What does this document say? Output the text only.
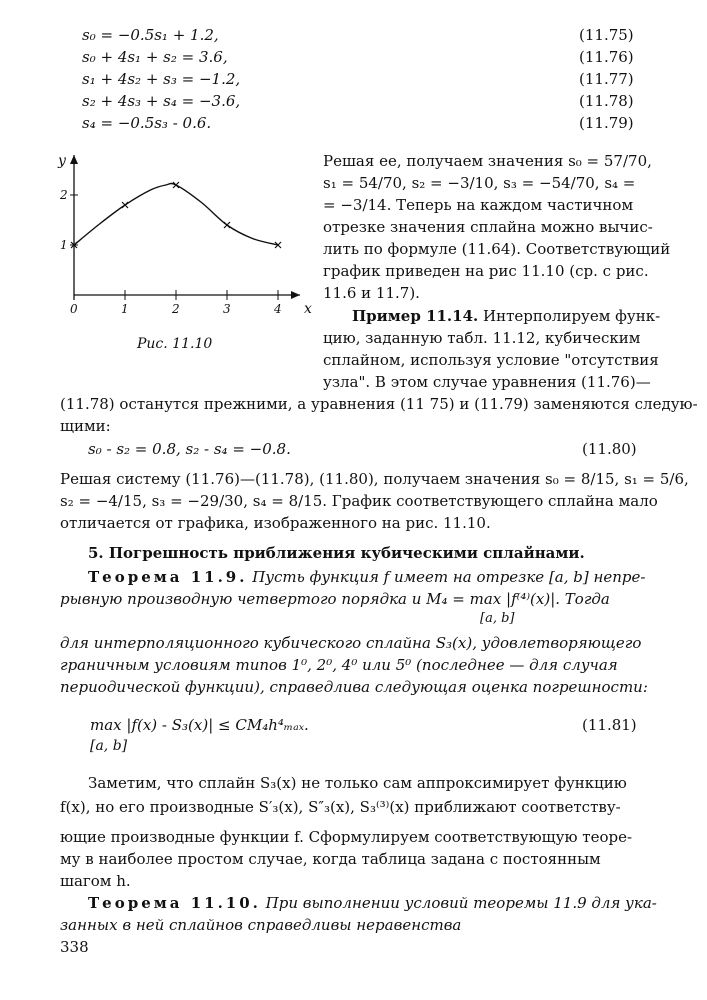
s₀ = −0.5s₁ + 1.2,	(11.75)
s₀ + 4s₁ + s₂ = 3.6,	(11.76)
s₁ + 4s₂ + s₃ = −1.2,	(11.77)
s₂ + 4s₃ + s₄ = −3.6,	(11.78)
s₄ = −0.5s₃ - 0.6.	(11.79)
x
y
0	1	2	3	4
1
2
Рис. 11.10
Решая ее, получаем значения s₀ = 57/70,
s₁ = 54/70, s₂ = −3/10, s₃ = −54/70, s₄ =
= −3/14. Теперь на каждом частичном
отрезке значения сплайна можно вычис-
лить по формуле (11.64). Соответствующий
график приведен на рис 11.10 (ср. с рис.
11.6 и 11.7).
Пример 11.14. Интерполируем функ-
цию, заданную табл. 11.12, кубическим
сплайном, используя условие "отсутствия
узла". В этом случае уравнения (11.76)—
(11.78) останутся прежними, а уравнения (11 75) и (11.79) заменяются следую-
щими:
s₀ - s₂ = 0.8, s₂ - s₄ = −0.8.	(11.80)
Решая систему (11.76)—(11.78), (11.80), получаем значения s₀ = 8/15, s₁ = 5/6,
s₂ = −4/15, s₃ = −29/30, s₄ = 8/15. График соответствующего сплайна мало
отличается от графика, изображенного на рис. 11.10.
5. Погрешность приближения кубическими сплайнами.
Теорема 11.9. Пусть функция f имеет на отрезке [a, b] непре-
рывную производную четвертого порядка и M₄ = max |f⁽⁴⁾(x)|. Тогда
[a, b]
для интерполяционного кубического сплайна S₃(x), удовлетворяющего
граничным условиям типов 1⁰, 2⁰, 4⁰ или 5⁰ (последнее — для случая
периодической функции), справедлива следующая оценка погрешности:
max |f(x) - S₃(x)| ≤ CM₄h⁴ₘₐₓ.
[a, b]
(11.81)
Заметим, что сплайн S₃(x) не только сам аппроксимирует функцию
f(x), но его производные S′₃(x), S″₃(x), S₃⁽³⁾(x) приближают соответству-
ющие производные функции f. Сформулируем соответствующую теоре-
му в наиболее простом случае, когда таблица задана с постоянным
шагом h.
Теорема 11.10. При выполнении условий теоремы 11.9 для ука-
занных в ней сплайнов справедливы неравенства
338
